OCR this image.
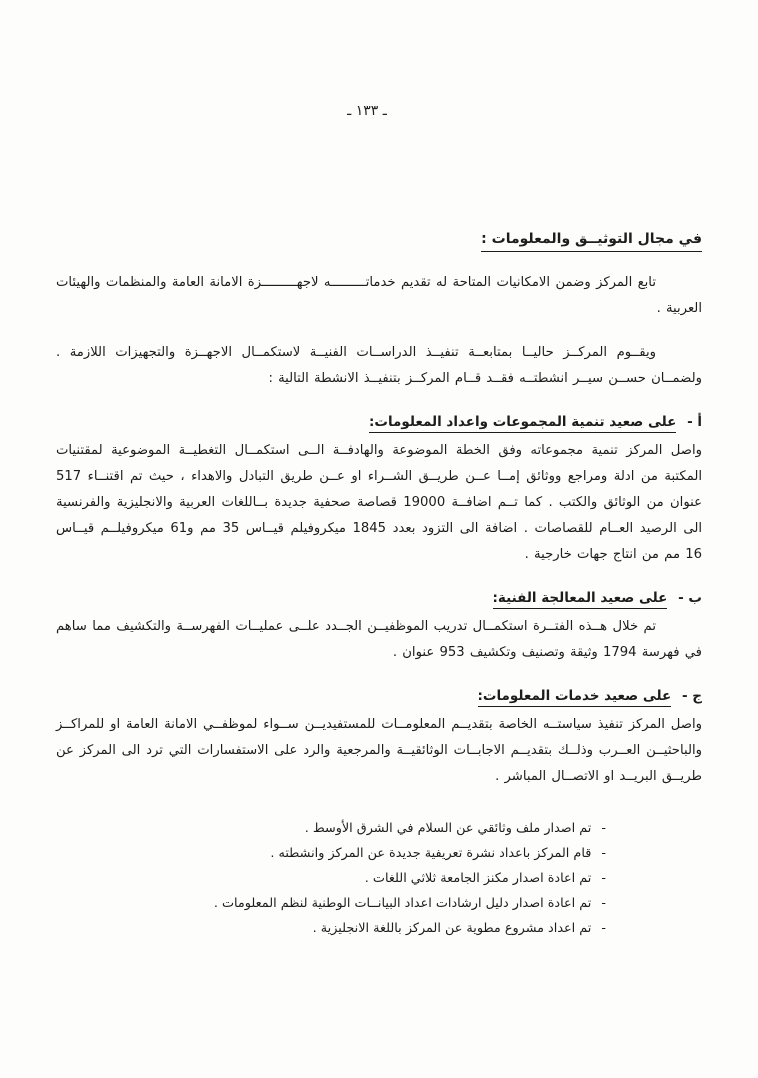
ـ ١٣٣ ـ
في مجال التوثيــق والمعلومات :

تابع المركز وضمن الامكانيات المتاحة له تقديم خدماتـــــــــه لاجهـــــــــزة الامانة العامة والمنظمات والهيئات العربية .

ويقــوم المركــز حاليــا بمتابعــة تنفيــذ الدراســات الفنيــة لاستكمــال الاجهــزة والتجهيزات اللازمة . ولضمــان حســن سيــر انشطتــه فقــد قــام المركــز بتنفيــذ الانشطة التالية :

أ - على صعيد تنمية المجموعات واعداد المعلومات:

واصل المركز تنمية مجموعاته وفق الخطة الموضوعة والهادفــة الــى استكمــال التغطيــة الموضوعية لمقتنيات المكتبة من ادلة ومراجع ووثائق إمــا عــن طريــق الشــراء او عــن طريق التبادل والاهداء ، حيث تم اقتنــاء 517 عنوان من الوثائق والكتب . كما تــم اضافــة 19000 قصاصة صحفية جديدة بــاللغات العربية والانجليزية والفرنسية الى الرصيد العــام للقصاصات . اضافة الى التزود بعدد 1845 ميكروفيلم قيــاس 35 مم و61 ميكروفيلــم قيــاس 16 مم من انتاج جهات خارجية .

ب - على صعيد المعالجة الفنية:

تم خلال هــذه الفتــرة استكمــال تدريب الموظفيــن الجــدد علــى عمليــات الفهرســة والتكشيف مما ساهم في فهرسة 1794 وثيقة وتصنيف وتكشيف 953 عنوان .

ج - على صعيد خدمات المعلومات:

واصل المركز تنفيذ سياستــه الخاصة بتقديــم المعلومــات للمستفيديــن ســواء لموظفــي الامانة العامة او للمراكــز والباحثيــن العــرب وذلــك بتقديــم الاجابــات الوثائقيــة والمرجعية والرد على الاستفسارات التي ترد الى المركز عن طريــق البريــد او الاتصــال المباشر .

-
تم اصدار ملف وثائقي عن السلام في الشرق الأوسط .
-
قام المركز باعداد نشرة تعريفية جديدة عن المركز وانشطته .
-
تم اعادة اصدار مكنز الجامعة ثلاثي اللغات .
-
تم اعادة اصدار دليل ارشادات اعداد البيانــات الوطنية لنظم المعلومات .
-
تم اعداد مشروع مطوية عن المركز باللغة الانجليزية .
